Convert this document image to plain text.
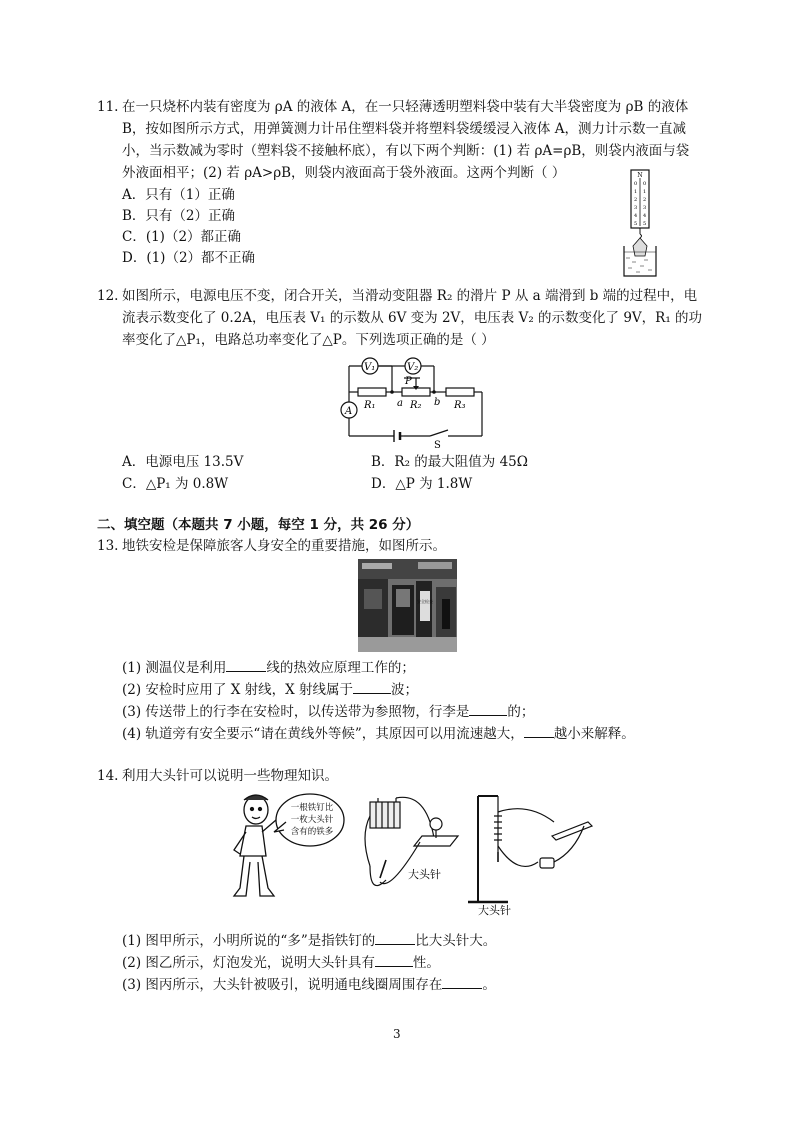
11. 在一只烧杯内装有密度为 ρA 的液体 A，在一只轻薄透明塑料袋中装有大半袋密度为 ρB 的液体
B，按如图所示方式，用弹簧测力计吊住塑料袋并将塑料袋缓缓浸入液体 A，测力计示数一直减
小，当示数减为零时（塑料袋不接触杯底），有以下两个判断：(1) 若 ρA=ρB，则袋内液面与袋
外液面相平；(2) 若 ρA>ρB，则袋内液面高于袋外液面。这两个判断（ ）
A．只有（1）正确
B．只有（2）正确
C．(1)（2）都正确
D．(1)（2）都不正确
N
0
1
2
3
4
5
0
1
2
3
4
5
12. 如图所示，电源电压不变，闭合开关，当滑动变阻器 R₂ 的滑片 P 从 a 端滑到 b 端的过程中，电
流表示数变化了 0.2A，电压表 V₁ 的示数从 6V 变为 2V，电压表 V₂ 的示数变化了 9V，R₁ 的功
率变化了△P₁，电路总功率变化了△P。下列选项正确的是（ ）
V₁	V₂
A
R₁	R₂	R₃
a	b
P
S
A．电源电压 13.5V	B．R₂ 的最大阻值为 45Ω
C．△P₁ 为 0.8W	D．△P 为 1.8W
二、填空题（本题共 7 小题，每空 1 分，共 26 分）
13. 地铁安检是保障旅客人身安全的重要措施，如图所示。
安全检查
(1) 测温仪是利用	线的热效应原理工作的；
(2) 安检时应用了 X 射线，X 射线属于	波；
(3) 传送带上的行李在安检时，以传送带为参照物，行李是	的；
(4) 轨道旁有安全要示“请在黄线外等候”，其原因可以用流速越大， 越小来解释。
14. 利用大头针可以说明一些物理知识。
一根铁钉比
一枚大头针
含有的铁多
大头针
大头针
(1) 图甲所示，小明所说的“多”是指铁钉的	比大头针大。
(2) 图乙所示，灯泡发光，说明大头针具有	性。
(3) 图丙所示，大头针被吸引，说明通电线圈周围存在	。
3
